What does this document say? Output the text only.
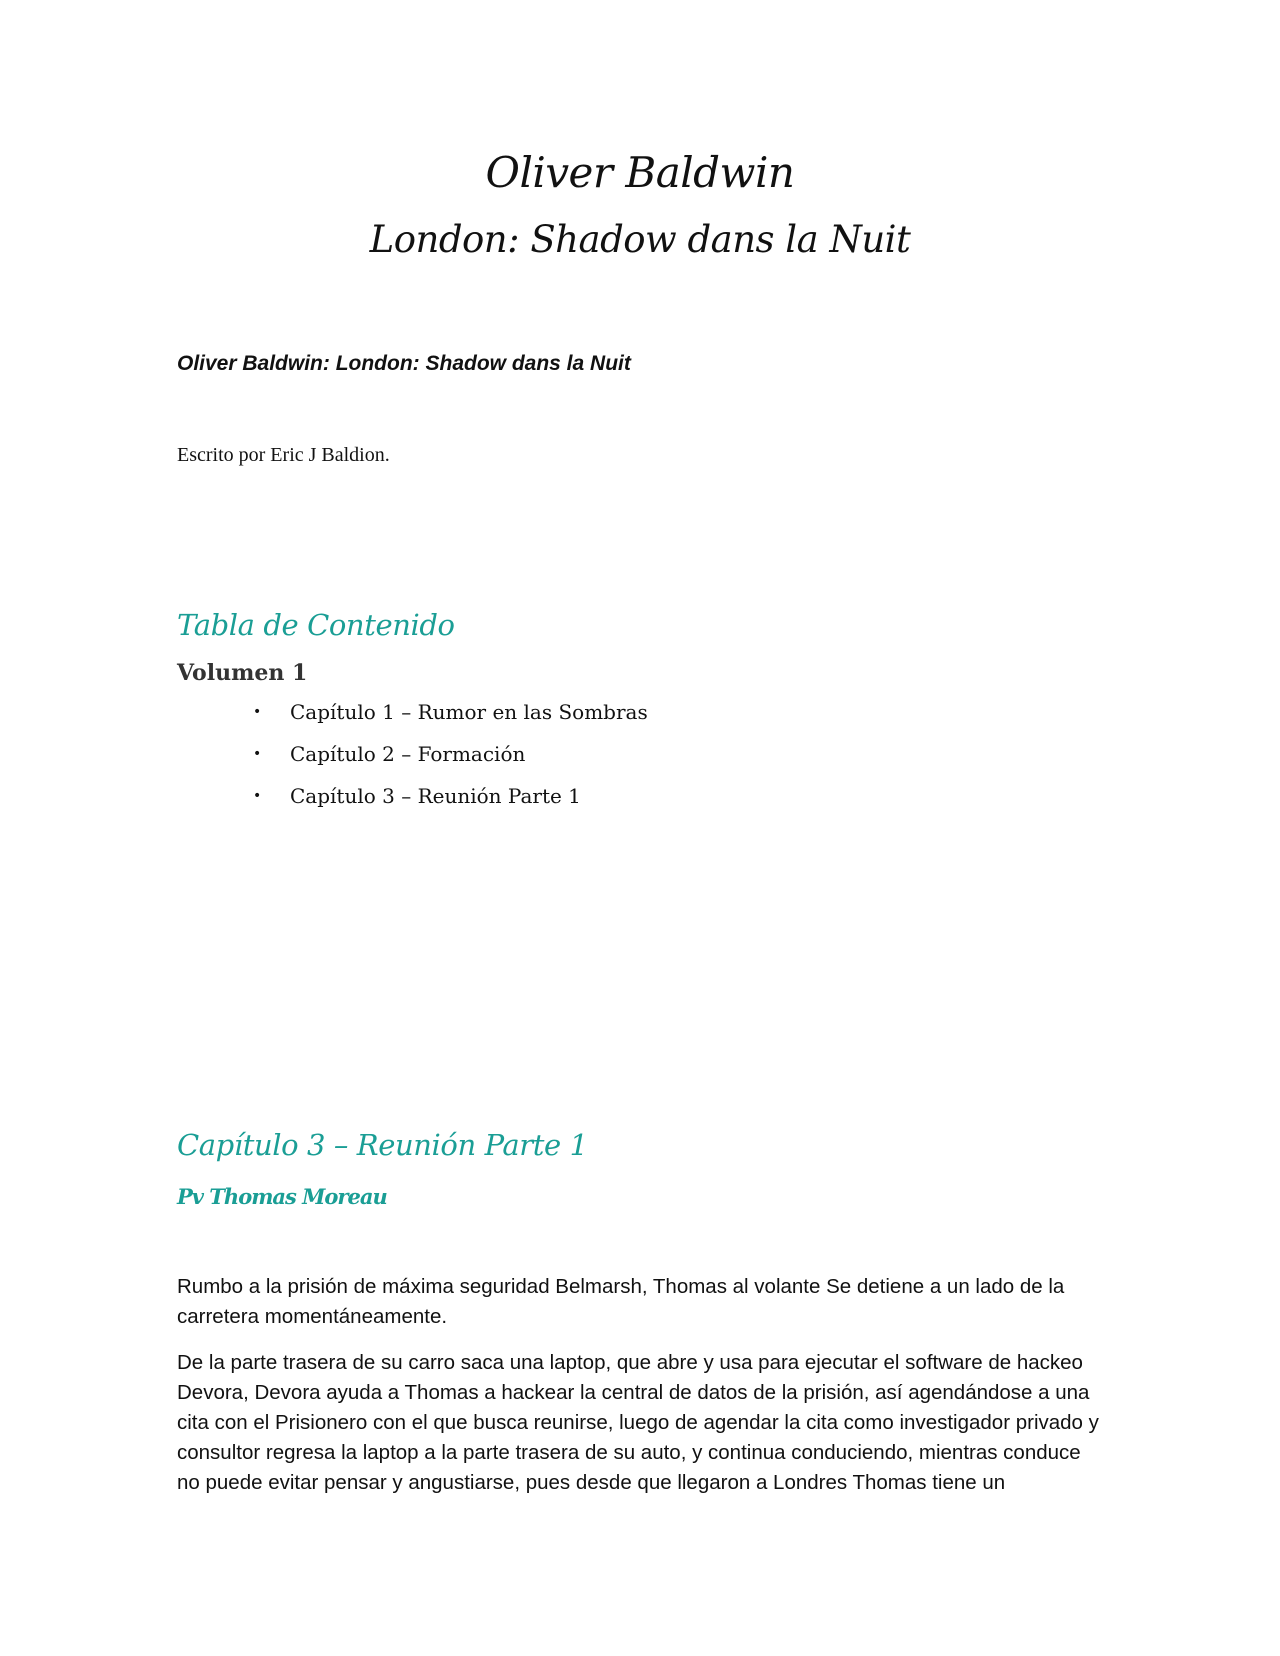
Oliver Baldwin
London: Shadow dans la Nuit
Oliver Baldwin: London: Shadow dans la Nuit
Escrito por Eric J Baldion.
Tabla de Contenido
Volumen 1
• Capítulo 1 – Rumor en las Sombras
• Capítulo 2 – Formación
• Capítulo 3 – Reunión Parte 1
Capítulo 3 – Reunión Parte 1
Pv Thomas Moreau

Rumbo a la prisión de máxima seguridad Belmarsh, Thomas al volante Se detiene a un lado de la carretera momentáneamente.

De la parte trasera de su carro saca una laptop, que abre y usa para ejecutar el software de hackeo Devora, Devora ayuda a Thomas a hackear la central de datos de la prisión, así agendándose a una cita con el Prisionero con el que busca reunirse, luego de agendar la cita como investigador privado y consultor regresa la laptop a la parte trasera de su auto, y continua conduciendo, mientras conduce no puede evitar pensar y angustiarse, pues desde que llegaron a Londres Thomas tiene un
